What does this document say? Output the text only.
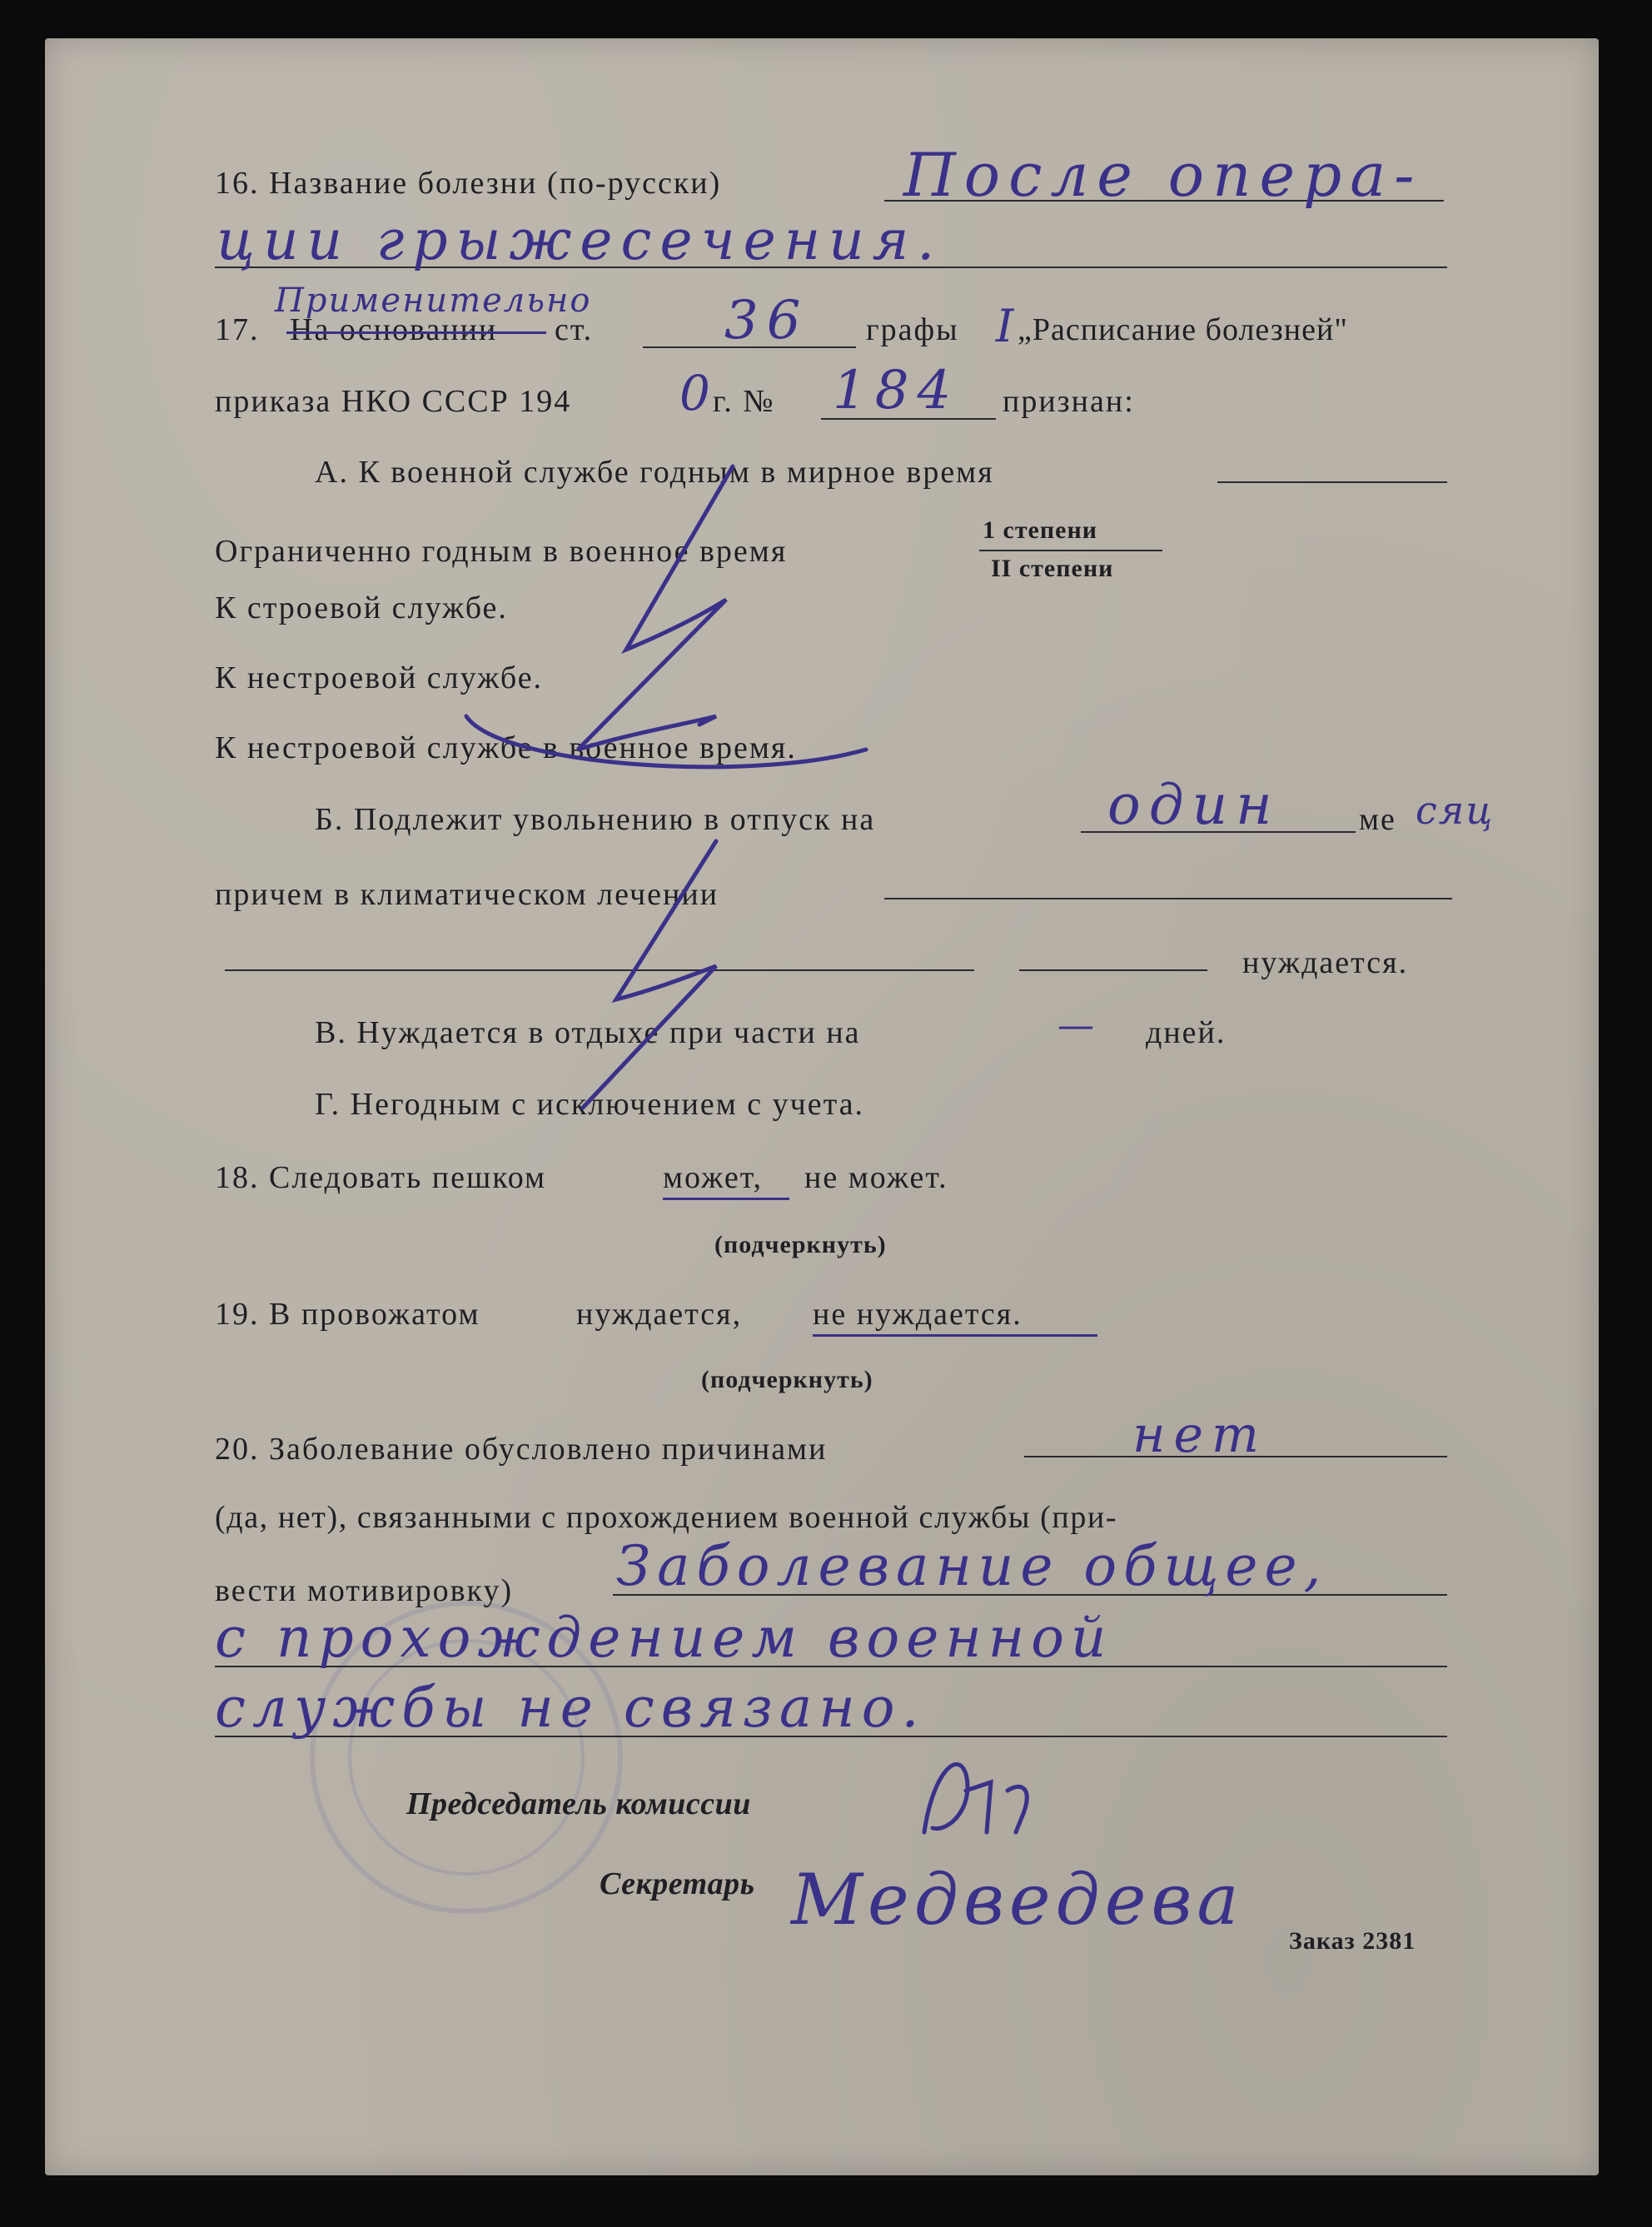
16. Название болезни (по-русски)	После опера-
ции грыжесечения.
17. На основании
Применительно
ст. 36 графы I „Расписание болезней"
приказа НКО СССР 194 0 г. № 184 признан:
А. К военной службе годным в мирное время
Ограниченно годным в военное время
1 степени
II степени
К строевой службе.
К нестроевой службе.
К нестроевой службе в военное время.
Б. Подлежит увольнению в отпуск на	один ме сяц
причем в климатическом лечении
нуждается.
В. Нуждается в отдыхе при части на	— дней.
Г. Негодным с исключением с учета.
18. Следовать пешком	может, не может.
(подчеркнуть)
19. В провожатом	нуждается, не нуждается.
(подчеркнуть)
20. Заболевание обусловлено причинами	нет
(да, нет), связанными с прохождением военной службы (при-
вести мотивировку) Заболевание общее,
с прохождением военной
службы не связано.
Председатель комиссии
Секретарь Медведева
Заказ 2381
